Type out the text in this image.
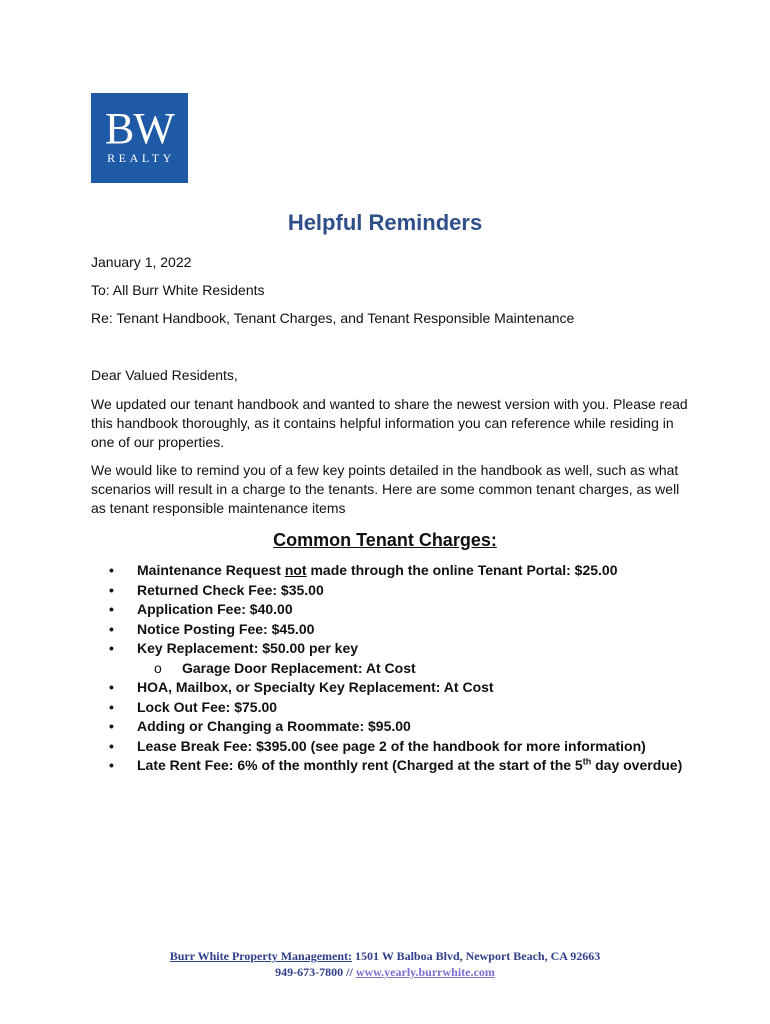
BW
REALTY
Helpful Reminders

January 1, 2022

To: All Burr White Residents

Re: Tenant Handbook, Tenant Charges, and Tenant Responsible Maintenance

Dear Valued Residents,

We updated our tenant handbook and wanted to share the newest version with you. Please read this handbook thoroughly, as it contains helpful information you can reference while residing in one of our properties.

We would like to remind you of a few key points detailed in the handbook as well, such as what scenarios will result in a charge to the tenants. Here are some common tenant charges, as well as tenant responsible maintenance items

Common Tenant Charges:
• Maintenance Request not made through the online Tenant Portal: $25.00
• Returned Check Fee: $35.00
• Application Fee: $40.00
• Notice Posting Fee: $45.00
• Key Replacement: $50.00 per key
o Garage Door Replacement: At Cost
• HOA, Mailbox, or Specialty Key Replacement: At Cost
• Lock Out Fee: $75.00
• Adding or Changing a Roommate: $95.00
• Lease Break Fee: $395.00 (see page 2 of the handbook for more information)
• Late Rent Fee: 6% of the monthly rent (Charged at the start of the 5th day overdue)
Burr White Property Management: 1501 W Balboa Blvd, Newport Beach, CA 92663
949-673-7800 // www.yearly.burrwhite.com
